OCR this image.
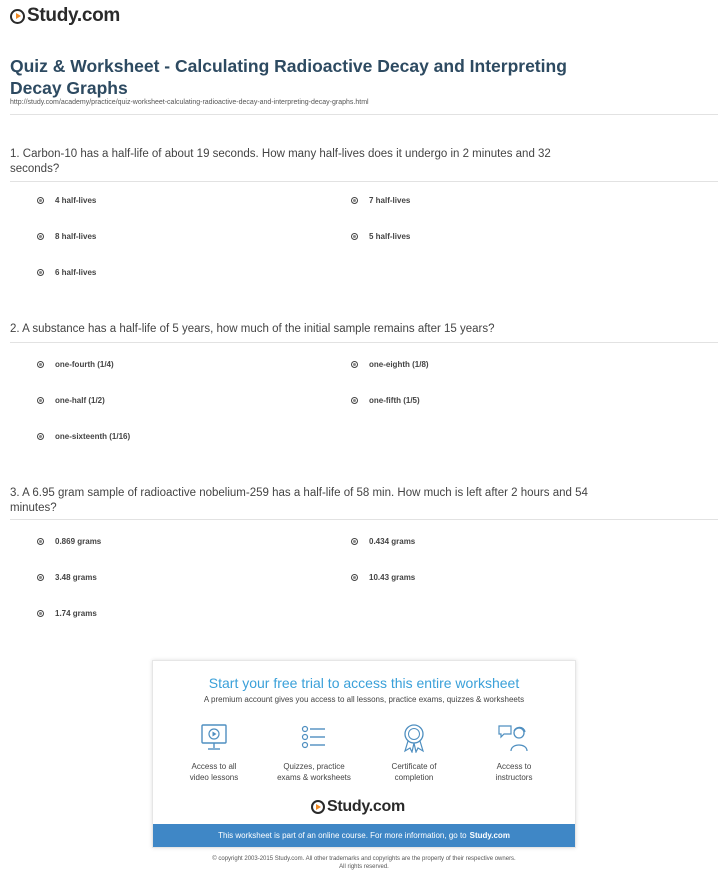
Study.com
Quiz & Worksheet - Calculating Radioactive Decay and Interpreting Decay Graphs
http://study.com/academy/practice/quiz-worksheet-calculating-radioactive-decay-and-interpreting-decay-graphs.html

1. Carbon-10 has a half-life of about 19 seconds. How many half-lives does it undergo in 2 minutes and 32 seconds?

4 half-lives	7 half-lives
8 half-lives	5 half-lives
6 half-lives

2. A substance has a half-life of 5 years, how much of the initial sample remains after 15 years?

one-fourth (1/4)	one-eighth (1/8)
one-half (1/2)	one-fifth (1/5)
one-sixteenth (1/16)

3. A 6.95 gram sample of radioactive nobelium-259 has a half-life of 58 min. How much is left after 2 hours and 54 minutes?

0.869 grams	0.434 grams
3.48 grams	10.43 grams
1.74 grams
Start your free trial to access this entire worksheet
A premium account gives you access to all lessons, practice exams, quizzes & worksheets
Access to all
video lessons
Quizzes, practice
exams & worksheets
Certificate of
completion
Access to
instructors
Study.com
This worksheet is part of an online course. For more information, go to Study.com
© copyright 2003-2015 Study.com. All other trademarks and copyrights are the property of their respective owners.
All rights reserved.
